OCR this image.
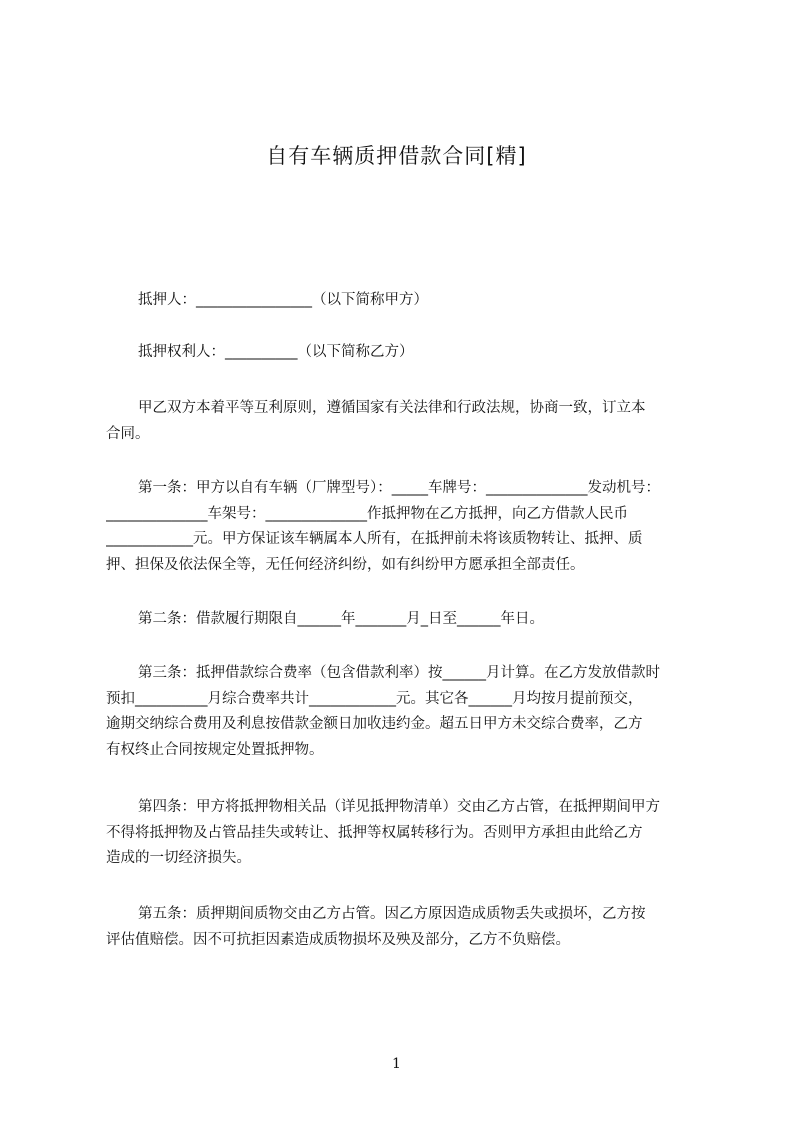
自有车辆质押借款合同[精]
抵押人：________________（以下简称甲方）
抵押权利人：__________（以下简称乙方）
甲乙双方本着平等互利原则，遵循国家有关法律和行政法规，协商一致，订立本
合同。
第一条：甲方以自有车辆（厂牌型号）：_____车牌号：______________发动机号：
______________车架号：______________作抵押物在乙方抵押，向乙方借款人民币
____________元。甲方保证该车辆属本人所有，在抵押前未将该质物转让、抵押、质
押、担保及依法保全等，无任何经济纠纷，如有纠纷甲方愿承担全部责任。
第二条：借款履行期限自______年_______月_日至______年日。
第三条：抵押借款综合费率（包含借款利率）按______月计算。在乙方发放借款时
预扣__________月综合费率共计____________元。其它各______月均按月提前预交，
逾期交纳综合费用及利息按借款金额日加收违约金。超五日甲方未交综合费率，乙方
有权终止合同按规定处置抵押物。
第四条：甲方将抵押物相关品（详见抵押物清单）交由乙方占管，在抵押期间甲方
不得将抵押物及占管品挂失或转让、抵押等权属转移行为。否则甲方承担由此给乙方
造成的一切经济损失。
第五条：质押期间质物交由乙方占管。因乙方原因造成质物丢失或损坏，乙方按
评估值赔偿。因不可抗拒因素造成质物损坏及殃及部分，乙方不负赔偿。
1
